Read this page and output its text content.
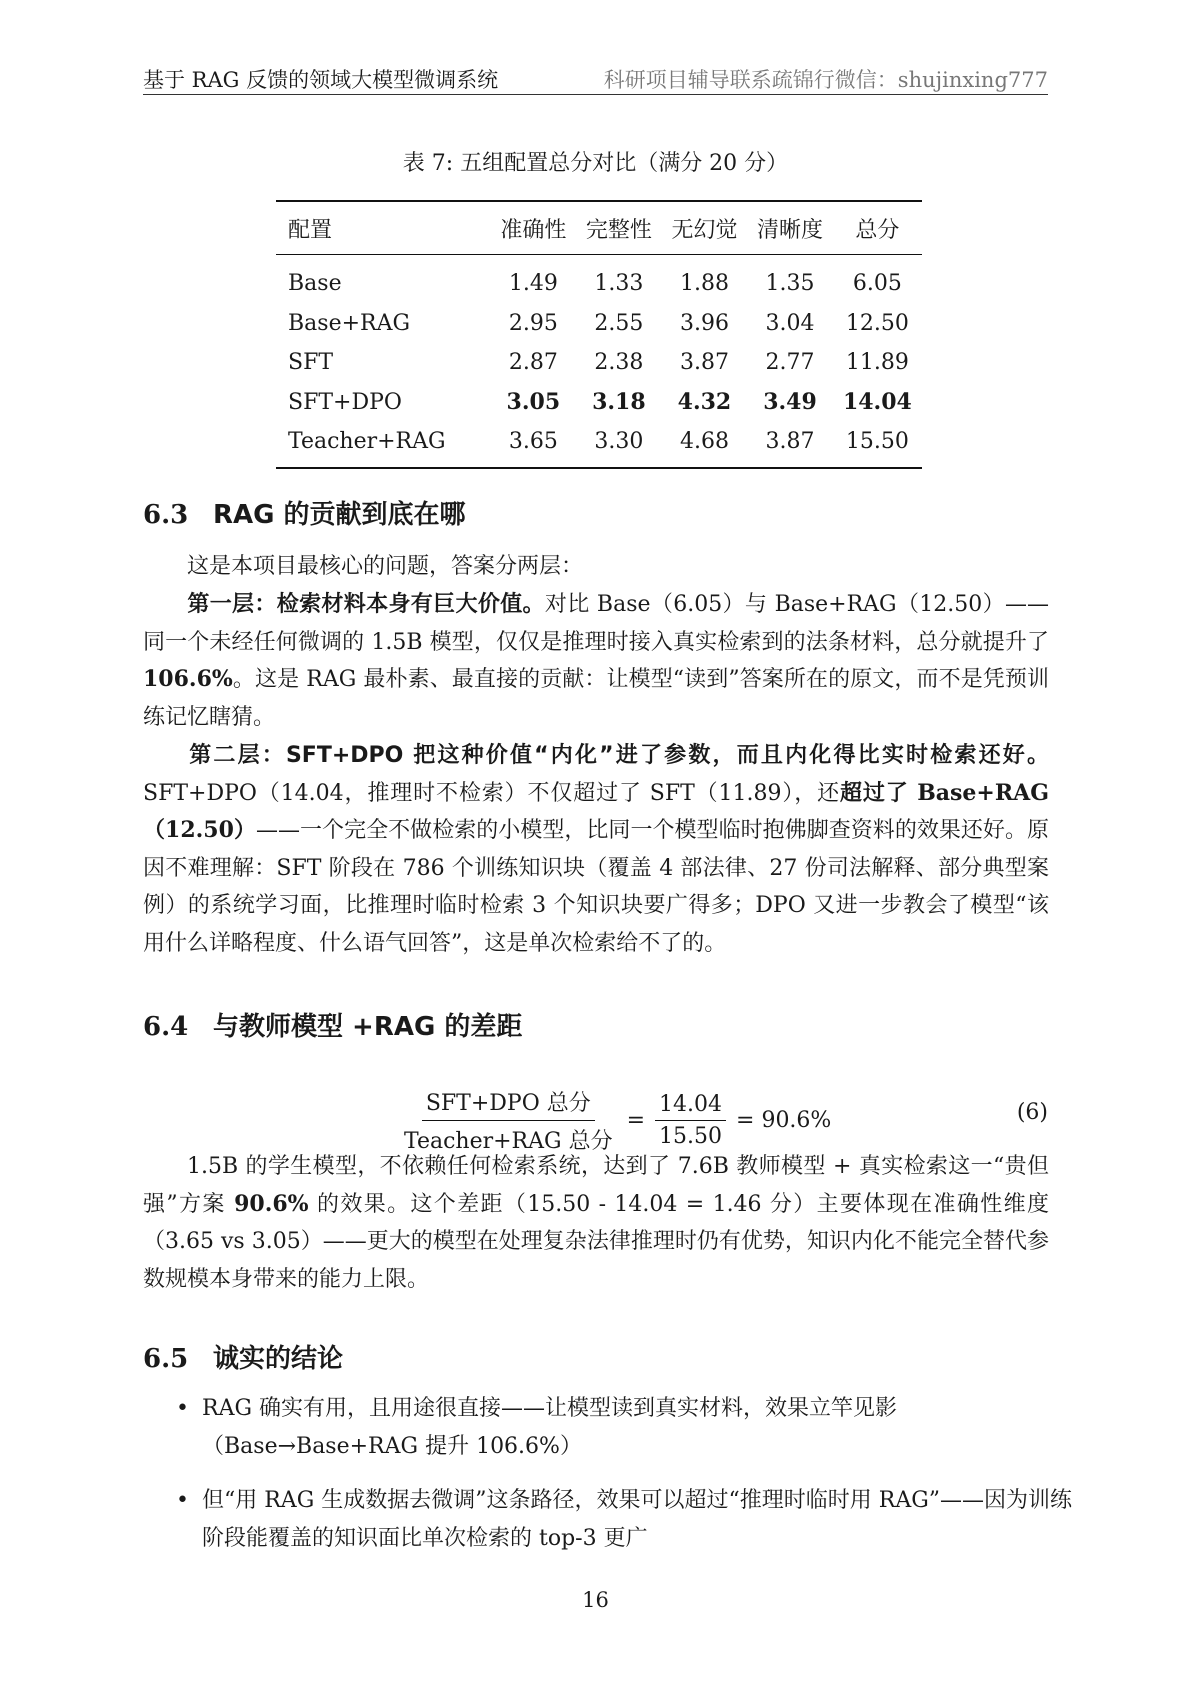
基于 RAG 反馈的领域大模型微调系统	科研项目辅导联系疏锦行微信：shujinxing777
表 7: 五组配置总分对比（满分 20 分）
配置	准确性	完整性	无幻觉	清晰度	总分
Base	1.49	1.33	1.88	1.35	6.05
Base+RAG	2.95	2.55	3.96	3.04	12.50
SFT	2.87	2.38	3.87	2.77	11.89
SFT+DPO	3.05	3.18	4.32	3.49	14.04
Teacher+RAG	3.65	3.30	4.68	3.87	15.50
6.3 RAG 的贡献到底在哪
这是本项目最核心的问题，答案分两层：
第一层：检索材料本身有巨大价值。对比 Base（6.05）与 Base+RAG（12.50）——同一个未经任何微调的 1.5B 模型，仅仅是推理时接入真实检索到的法条材料，总分就提升了 106.6%。这是 RAG 最朴素、最直接的贡献：让模型“读到”答案所在的原文，而不是凭预训练记忆瞎猜。
第二层：SFT+DPO 把这种价值“内化”进了参数，而且内化得比实时检索还好。SFT+DPO（14.04，推理时不检索）不仅超过了 SFT（11.89），还超过了 Base+RAG（12.50）——一个完全不做检索的小模型，比同一个模型临时抱佛脚查资料的效果还好。原因不难理解：SFT 阶段在 786 个训练知识块（覆盖 4 部法律、27 份司法解释、部分典型案例）的系统学习面，比推理时临时检索 3 个知识块要广得多；DPO 又进一步教会了模型“该用什么详略程度、什么语气回答”，这是单次检索给不了的。
6.4 与教师模型 +RAG 的差距
$\frac{\text{SFT+DPO 总分}}{\text{Teacher+RAG 总分}} = \frac{14.04}{15.50} = 90.6\%$	(6)
1.5B 的学生模型，不依赖任何检索系统，达到了 7.6B 教师模型 + 真实检索这一“贵但强”方案 90.6% 的效果。这个差距（15.50 - 14.04 = 1.46 分）主要体现在准确性维度（3.65 vs 3.05）——更大的模型在处理复杂法律推理时仍有优势，知识内化不能完全替代参数规模本身带来的能力上限。
6.5 诚实的结论
• RAG 确实有用，且用途很直接——让模型读到真实材料，效果立竿见影（Base→Base+RAG 提升 106.6%）
• 但“用 RAG 生成数据去微调”这条路径，效果可以超过“推理时临时用 RAG”——因为训练阶段能覆盖的知识面比单次检索的 top-3 更广
16
